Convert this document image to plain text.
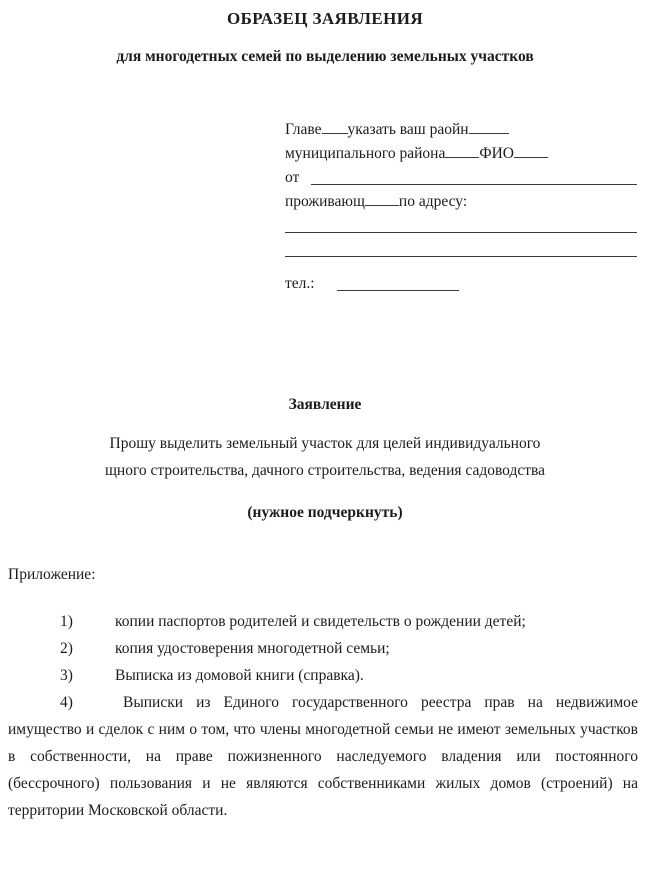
ОБРАЗЕЦ ЗАЯВЛЕНИЯ
для многодетных семей по выделению земельных участков
Главе указать ваш раойн
муниципального района ФИО
от
проживающ по адресу:
тел.:
Заявление
Прошу выделить земельный участок для целей индивидуального
щного строительства, дачного строительства, ведения садоводства
(нужное подчеркнуть)
Приложение:
1)	копии паспортов родителей и свидетельств о рождении детей;
2)	копия удостоверения многодетной семьи;
3)	Выписка из домовой книги (справка).
4)	Выписки из Единого государственного реестра прав на недвижимое имущество и сделок с ним о том, что члены многодетной семьи не имеют земельных участков в собственности, на праве пожизненного наследуемого владения или постоянного (бессрочного) пользования и не являются собственниками жилых домов (строений) на территории Московской области.
